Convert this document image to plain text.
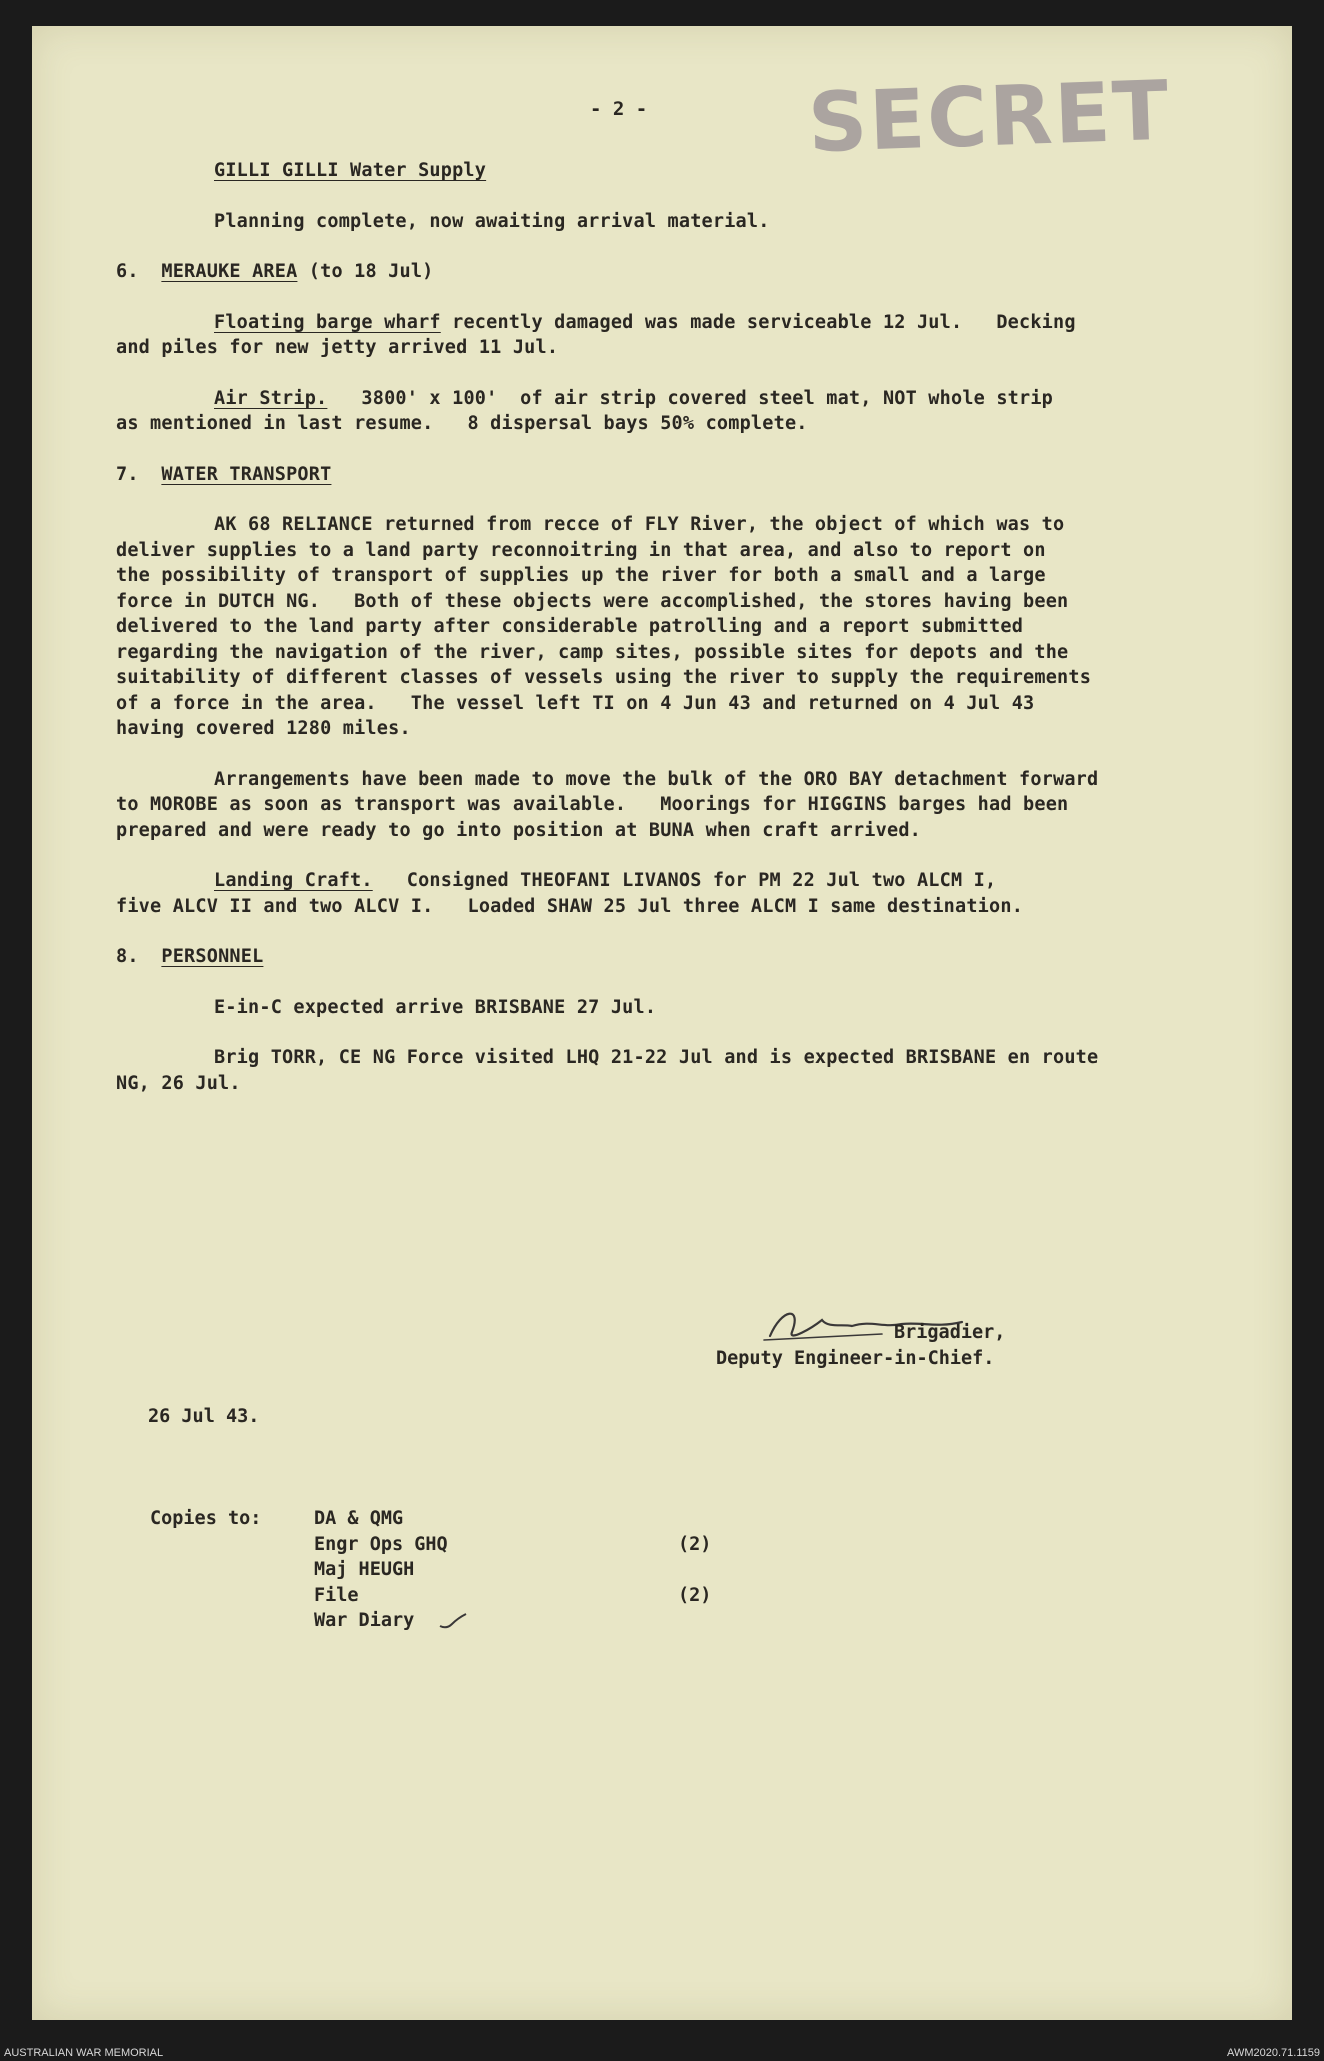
SECRET
- 2 -

GILLI GILLI Water Supply

Planning complete, now awaiting arrival material.

6. MERAUKE AREA (to 18 Jul)

Floating barge wharf recently damaged was made serviceable 12 Jul.   Decking
and piles for new jetty arrived 11 Jul.

Air Strip.   3800' x 100'  of air strip covered steel mat, NOT whole strip
as mentioned in last resume.   8 dispersal bays 50% complete.

7. WATER TRANSPORT

AK 68 RELIANCE returned from recce of FLY River, the object of which was to
deliver supplies to a land party reconnoitring in that area, and also to report on
the possibility of transport of supplies up the river for both a small and a large
force in DUTCH NG.   Both of these objects were accomplished, the stores having been
delivered to the land party after considerable patrolling and a report submitted
regarding the navigation of the river, camp sites, possible sites for depots and the
suitability of different classes of vessels using the river to supply the requirements
of a force in the area.   The vessel left TI on 4 Jun 43 and returned on 4 Jul 43
having covered 1280 miles.

Arrangements have been made to move the bulk of the ORO BAY detachment forward
to MOROBE as soon as transport was available.   Moorings for HIGGINS barges had been
prepared and were ready to go into position at BUNA when craft arrived.

Landing Craft.   Consigned THEOFANI LIVANOS for PM 22 Jul two ALCM I,
five ALCV II and two ALCV I.   Loaded SHAW 25 Jul three ALCM I same destination.

8. PERSONNEL

E-in-C expected arrive BRISBANE 27 Jul.

Brig TORR, CE NG Force visited LHQ 21-22 Jul and is expected BRISBANE en route
NG, 26 Jul.

Brigadier,
Deputy Engineer-in-Chief.
26 Jul 43.
Copies to:	DA & QMG
Engr Ops GHQ	(2)
Maj HEUGH
File	(2)
War Diary
AUSTRALIAN WAR MEMORIAL	AWM2020.71.1159
